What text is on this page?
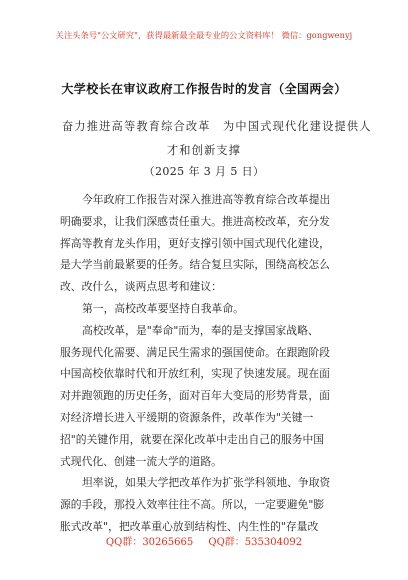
关注头条号"公文研究"，获得最新最全最专业的公文资料库！ 微信：gongwenyj
大学校长在审议政府工作报告时的发言（全国两会）
奋力推进高等教育综合改革　为中国式现代化建设提供人
才和创新支撑
（2025 年 3 月 5 日）
今年政府工作报告对深入推进高等教育综合改革提出
明确要求，让我们深感责任重大。推进高校改革，充分发
挥高等教育龙头作用，更好支撑引领中国式现代化建设，
是大学当前最紧要的任务。结合复旦实际，围绕高校怎么
改、改什么，谈两点思考和建议：
第一，高校改革要坚持自我革命。
高校改革，是"奉命"而为，奉的是支撑国家战略、
服务现代化需要、满足民生需求的强国使命。在跟跑阶段
中国高校依靠时代和开放红利，实现了快速发展。现在面
对并跑领跑的历史任务，面对百年大变局的形势背景，面
对经济增长进入平缓期的资源条件，改革作为"关键一
招"的关键作用，就要在深化改革中走出自己的服务中国
式现代化、创建一流大学的道路。
坦率说，如果大学把改革作为扩张学科领地、争取资
源的手段，那投入效率往往不高。所以，一定要避免"膨
胀式改革"，把改革重心放到结构性、内生性的"存量改
QQ群：30265665 QQ群：535304092
